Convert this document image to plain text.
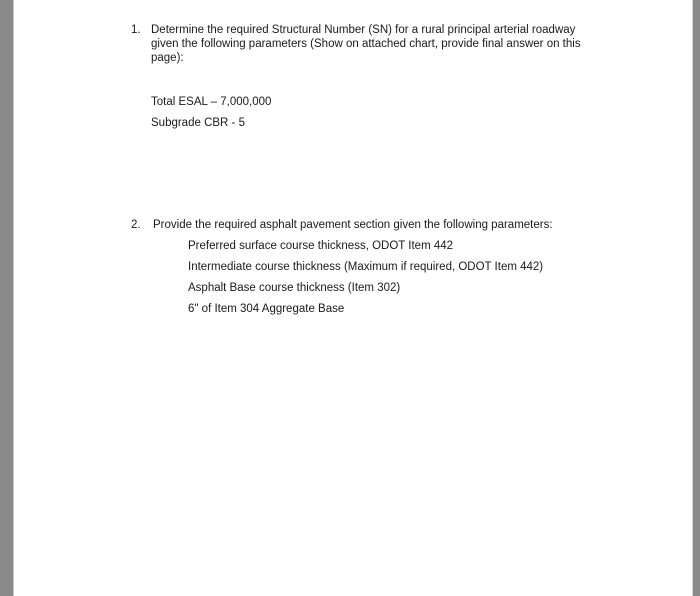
1. Determine the required Structural Number (SN) for a rural principal arterial roadway given the following parameters (Show on attached chart, provide final answer on this page):
Total ESAL – 7,000,000
Subgrade CBR - 5
2. Provide the required asphalt pavement section given the following parameters:
Preferred surface course thickness, ODOT Item 442
Intermediate course thickness (Maximum if required, ODOT Item 442)
Asphalt Base course thickness (Item 302)
6" of Item 304 Aggregate Base
